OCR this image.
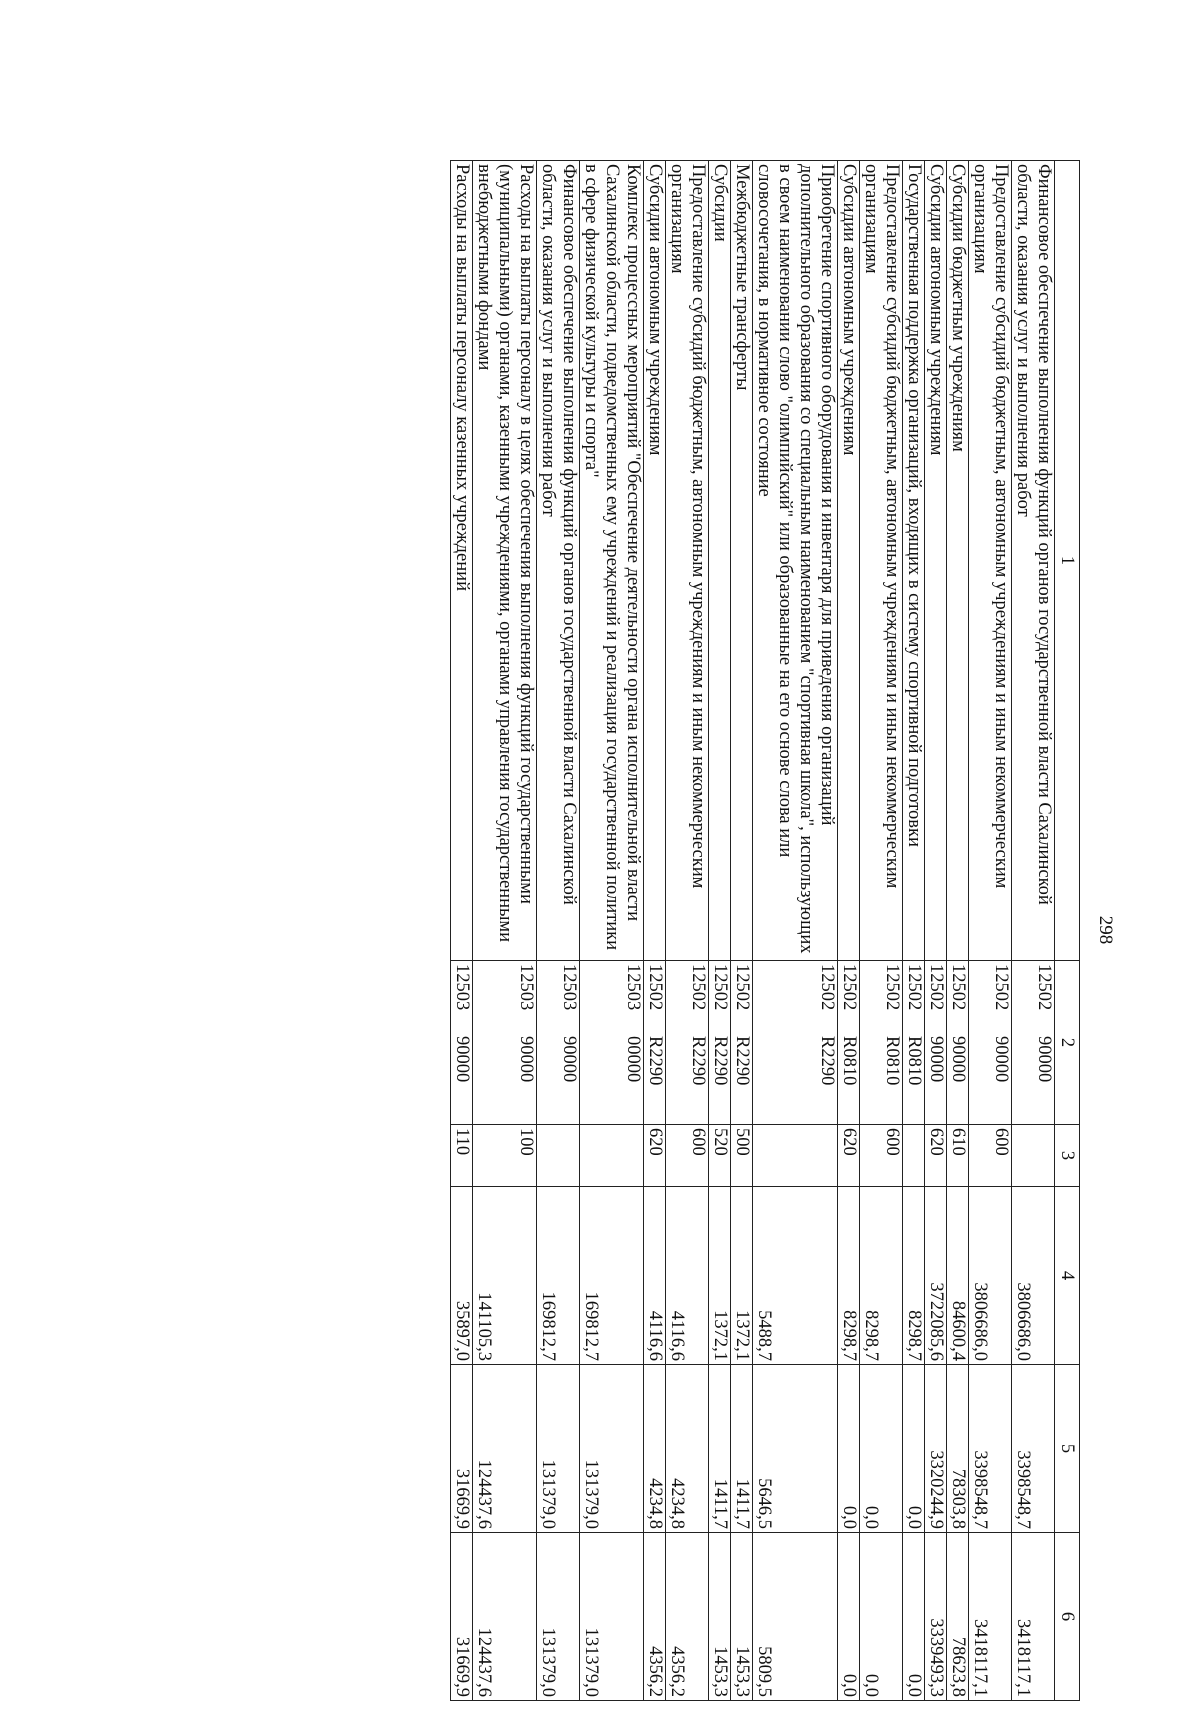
298
1	2	3	4	5	6
Финансовое обеспечение выполнения функций органов государственной власти Сахалинской области, оказания услуг и выполнения работ	1250290000		3806686,0	3398548,7	3418117,1
Предоставление субсидий бюджетным, автономным учреждениям и иным некоммерческим организациям	1250290000	600	3806686,0	3398548,7	3418117,1
Субсидии бюджетным учреждениям	1250290000	610	84600,4	78303,8	78623,8
Субсидии автономным учреждениям	1250290000	620	3722085,6	3320244,9	3339493,3
Государственная поддержка организаций, входящих в систему спортивной подготовки	12502R0810		8298,7	0,0	0,0
Предоставление субсидий бюджетным, автономным учреждениям и иным некоммерческим организациям	12502R0810	600	8298,7	0,0	0,0
Субсидии автономным учреждениям	12502R0810	620	8298,7	0,0	0,0
Приобретение спортивного оборудования и инвентаря для приведения организаций дополнительного образования со специальным наименованием "спортивная школа", использующих в своем наименовании слово "олимпийский" или образованные на его основе слова или словосочетания, в нормативное состояние	12502R2290		5488,7	5646,5	5809,5
Межбюджетные трансферты	12502R2290	500	1372,1	1411,7	1453,3
Субсидии	12502R2290	520	1372,1	1411,7	1453,3
Предоставление субсидий бюджетным, автономным учреждениям и иным некоммерческим организациям	12502R2290	600	4116,6	4234,8	4356,2
Субсидии автономным учреждениям	12502R2290	620	4116,6	4234,8	4356,2
Комплекс процессных мероприятий "Обеспечение деятельности органа исполнительной власти Сахалинской области, подведомственных ему учреждений и реализация государственной политики в сфере физической культуры и спорта"	1250300000		169812,7	131379,0	131379,0
Финансовое обеспечение выполнения функций органов государственной власти Сахалинской области, оказания услуг и выполнения работ	1250390000		169812,7	131379,0	131379,0
Расходы на выплаты персоналу в целях обеспечения выполнения функций государственными (муниципальными) органами, казенными учреждениями, органами управления государственными внебюджетными фондами	1250390000	100	141105,3	124437,6	124437,6
Расходы на выплаты персоналу казенных учреждений	1250390000	110	35897,0	31669,9	31669,9
